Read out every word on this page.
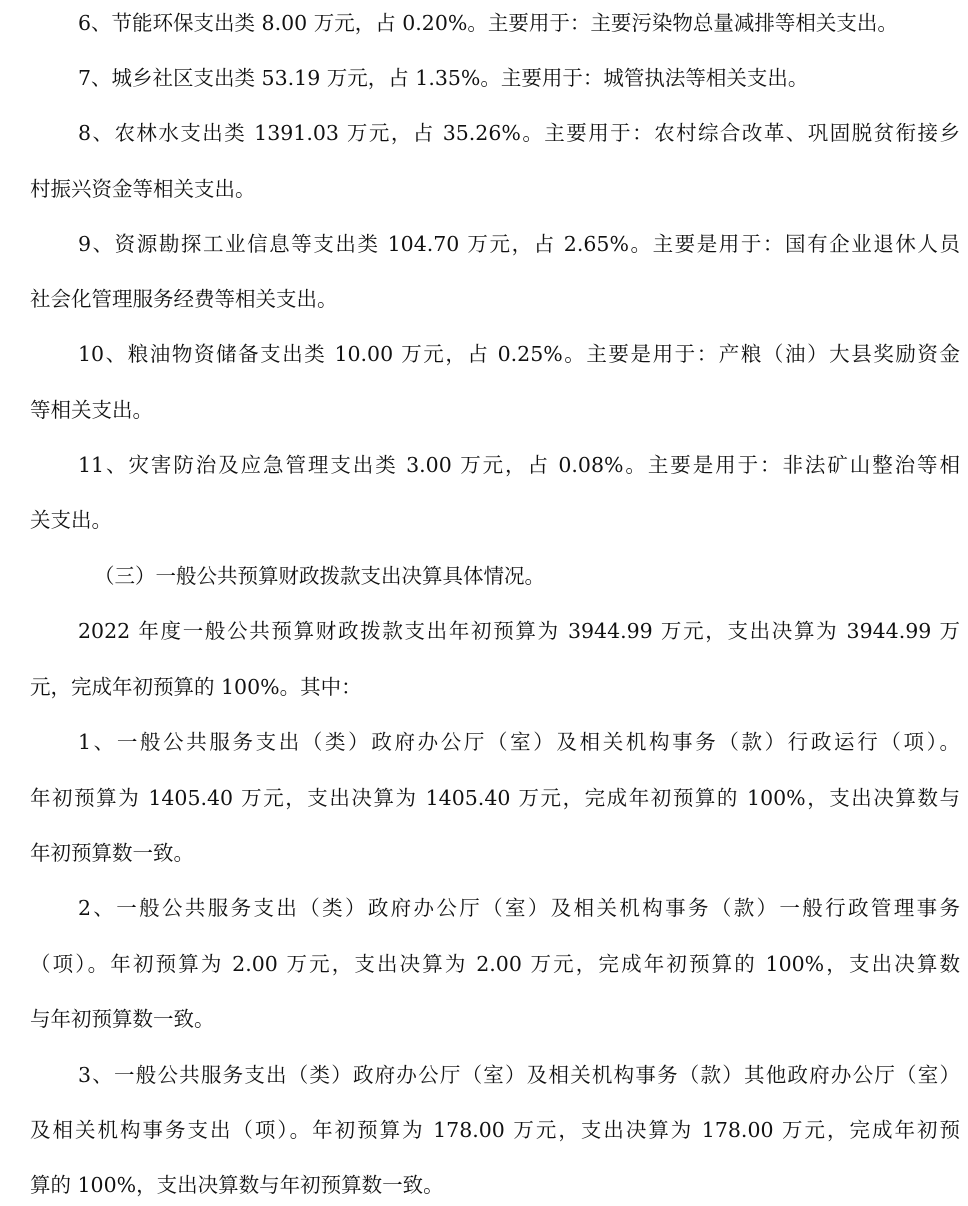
6、节能环保支出类 8.00 万元，占 0.20%。主要用于：主要污染物总量减排等相关支出。
7、城乡社区支出类 53.19 万元，占 1.35%。主要用于：城管执法等相关支出。
8、农林水支出类 1391.03 万元，占 35.26%。主要用于：农村综合改革、巩固脱贫衔接乡
村振兴资金等相关支出。
9、资源勘探工业信息等支出类 104.70 万元，占 2.65%。主要是用于：国有企业退休人员
社会化管理服务经费等相关支出。
10、粮油物资储备支出类 10.00 万元，占 0.25%。主要是用于：产粮（油）大县奖励资金
等相关支出。
11、灾害防治及应急管理支出类 3.00 万元，占 0.08%。主要是用于：非法矿山整治等相
关支出。
（三）一般公共预算财政拨款支出决算具体情况。
2022 年度一般公共预算财政拨款支出年初预算为 3944.99 万元，支出决算为 3944.99 万
元，完成年初预算的 100%。其中：
1、一般公共服务支出（类）政府办公厅（室）及相关机构事务（款）行政运行（项）。
年初预算为 1405.40 万元，支出决算为 1405.40 万元，完成年初预算的 100%，支出决算数与
年初预算数一致。
2、一般公共服务支出（类）政府办公厅（室）及相关机构事务（款）一般行政管理事务
（项）。年初预算为 2.00 万元，支出决算为 2.00 万元，完成年初预算的 100%，支出决算数
与年初预算数一致。
3、一般公共服务支出（类）政府办公厅（室）及相关机构事务（款）其他政府办公厅（室）
及相关机构事务支出（项）。年初预算为 178.00 万元，支出决算为 178.00 万元，完成年初预
算的 100%，支出决算数与年初预算数一致。
